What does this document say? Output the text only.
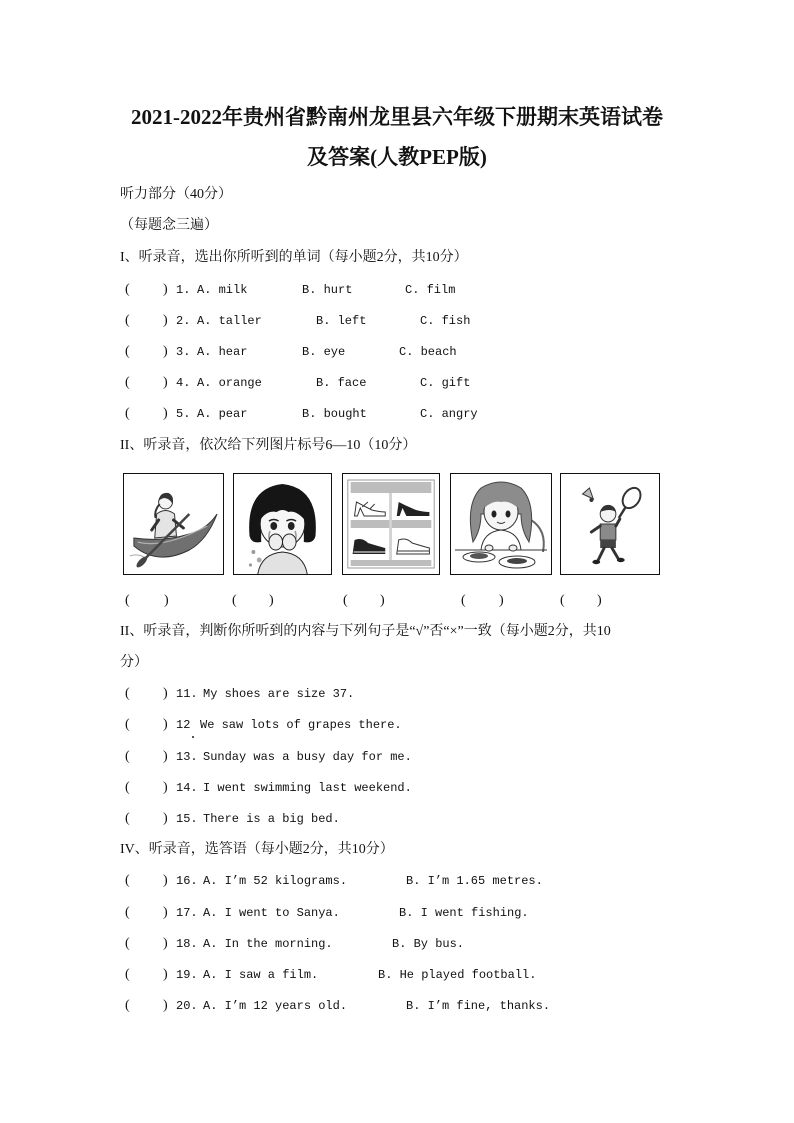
2021-2022年贵州省黔南州龙里县六年级下册期末英语试卷
及答案(人教PEP版)
听力部分（40分）
（每题念三遍）
I、听录音，选出你所听到的单词（每小题2分，共10分）
( ) 1. A. milk	B. hurt	C. film
( ) 2. A. taller	B. left	C. fish
( ) 3. A. hear	B. eye	C. beach
( ) 4. A. orange	B. face	C. gift
( ) 5. A. pear	B. bought	C. angry
II、听录音，依次给下列图片标号6—10（10分）
( )	( )	( )	( )	( )
II、听录音，判断你所听到的内容与下列句子是“√”否“×”一致（每小题2分，共10
分）
( ) 11. My shoes are size 37.
( ) 12 We saw lots of grapes there.
( ) 13. Sunday was a busy day for me.
( ) 14. I went swimming last weekend.
( ) 15. There is a big bed.
IV、听录音，选答语（每小题2分，共10分）
( ) 16. A. I’m 52 kilograms.	B. I’m 1.65 metres.
( ) 17. A. I went to Sanya.	B. I went fishing.
( ) 18. A. In the morning.	B. By bus.
( ) 19. A. I saw a film.	B. He played football.
( ) 20. A. I’m 12 years old.	B. I’m fine, thanks.
